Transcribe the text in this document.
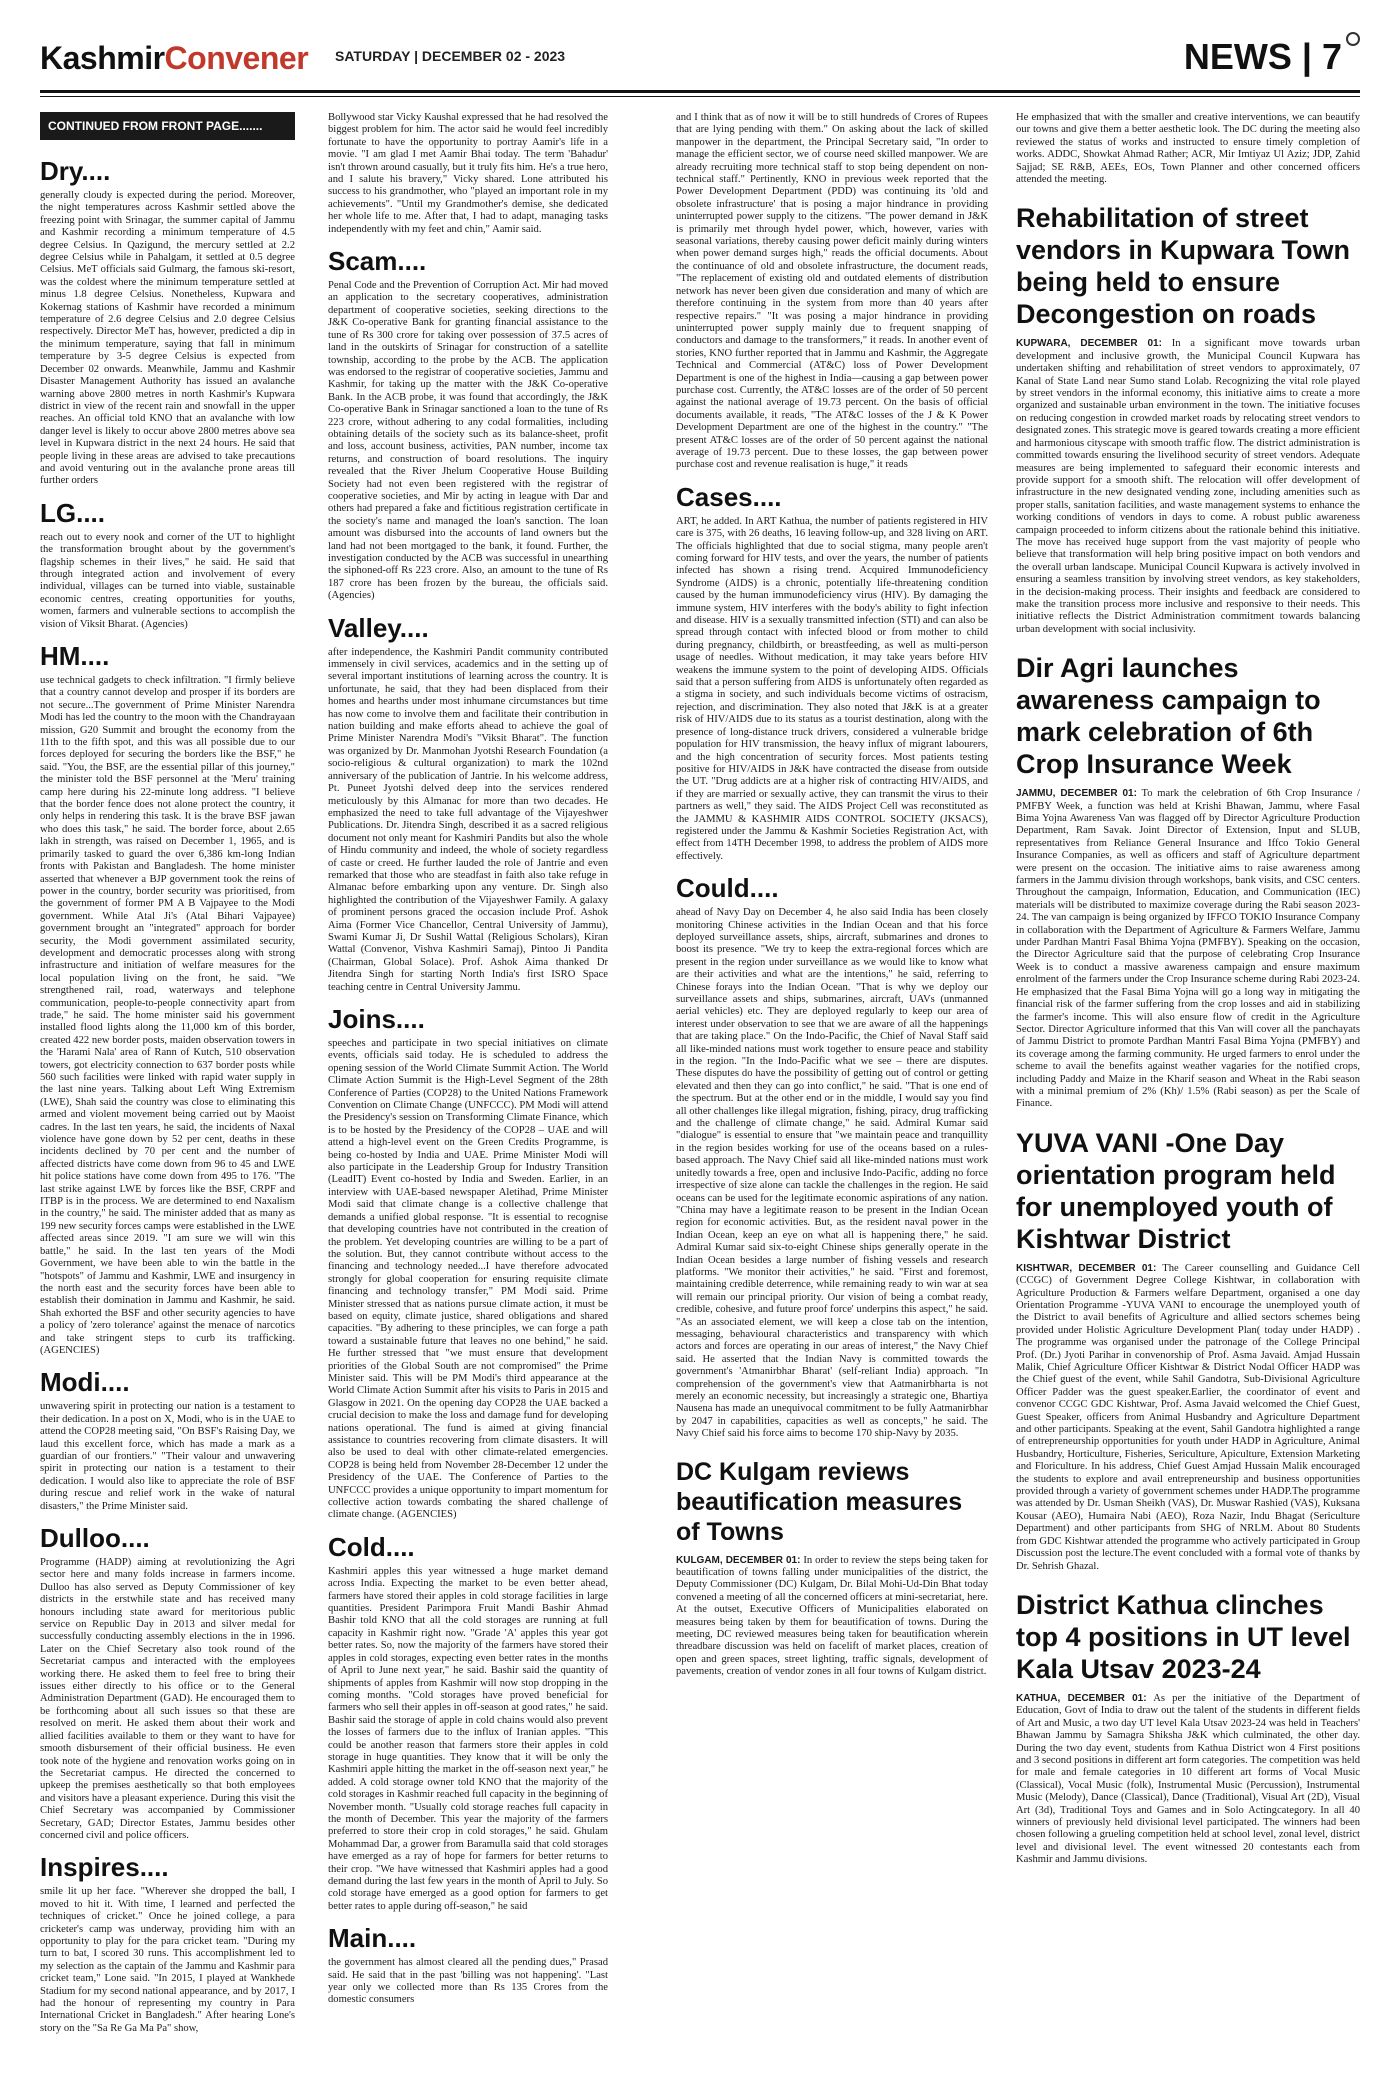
KashmirConvener SATURDAY | DECEMBER 02 - 2023	NEWS | 7
CONTINUED FROM FRONT PAGE.......
Dry....
generally cloudy is expected during the period. Moreover, the night temperatures across Kashmir settled above the freezing point with Srinagar, the summer capital of Jammu and Kashmir recording a minimum temperature of 4.5 degree Celsius. In Qazigund, the mercury settled at 2.2 degree Celsius while in Pahalgam, it settled at 0.5 degree Celsius. MeT officials said Gulmarg, the famous ski-resort, was the coldest where the minimum temperature settled at minus 1.8 degree Celsius. Nonetheless, Kupwara and Kokernag stations of Kashmir have recorded a minimum temperature of 2.6 degree Celsius and 2.0 degree Celsius respectively. Director MeT has, however, predicted a dip in the minimum temperature, saying that fall in minimum temperature by 3-5 degree Celsius is expected from December 02 onwards. Meanwhile, Jammu and Kashmir Disaster Management Authority has issued an avalanche warning above 2800 metres in north Kashmir's Kupwara district in view of the recent rain and snowfall in the upper reaches. An official told KNO that an avalanche with low danger level is likely to occur above 2800 metres above sea level in Kupwara district in the next 24 hours. He said that people living in these areas are advised to take precautions and avoid venturing out in the avalanche prone areas till further orders
LG....
reach out to every nook and corner of the UT to highlight the transformation brought about by the government's flagship schemes in their lives," he said. He said that through integrated action and involvement of every individual, villages can be turned into viable, sustainable economic centres, creating opportunities for youths, women, farmers and vulnerable sections to accomplish the vision of Viksit Bharat. (Agencies)
HM....
use technical gadgets to check infiltration. "I firmly believe that a country cannot develop and prosper if its borders are not secure...The government of Prime Minister Narendra Modi has led the country to the moon with the Chandrayaan mission, G20 Summit and brought the economy from the 11th to the fifth spot, and this was all possible due to our forces deployed for securing the borders like the BSF," he said. "You, the BSF, are the essential pillar of this journey," the minister told the BSF personnel at the 'Meru' training camp here during his 22-minute long address. "I believe that the border fence does not alone protect the country, it only helps in rendering this task. It is the brave BSF jawan who does this task," he said. The border force, about 2.65 lakh in strength, was raised on December 1, 1965, and is primarily tasked to guard the over 6,386 km-long Indian fronts with Pakistan and Bangladesh. The home minister asserted that whenever a BJP government took the reins of power in the country, border security was prioritised, from the government of former PM A B Vajpayee to the Modi government. While Atal Ji's (Atal Bihari Vajpayee) government brought an "integrated" approach for border security, the Modi government assimilated security, development and democratic processes along with strong infrastructure and initiation of welfare measures for the local population living on the front, he said. "We strengthened rail, road, waterways and telephone communication, people-to-people connectivity apart from trade," he said. The home minister said his government installed flood lights along the 11,000 km of this border, created 422 new border posts, maiden observation towers in the 'Harami Nala' area of Rann of Kutch, 510 observation towers, got electricity connection to 637 border posts while 560 such facilities were linked with rapid water supply in the last nine years. Talking about Left Wing Extremism (LWE), Shah said the country was close to eliminating this armed and violent movement being carried out by Maoist cadres. In the last ten years, he said, the incidents of Naxal violence have gone down by 52 per cent, deaths in these incidents declined by 70 per cent and the number of affected districts have come down from 96 to 45 and LWE hit police stations have come down from 495 to 176. "The last strike against LWE by forces like the BSF, CRPF and ITBP is in the process. We are determined to end Naxalism in the country," he said. The minister added that as many as 199 new security forces camps were established in the LWE affected areas since 2019. "I am sure we will win this battle," he said. In the last ten years of the Modi Government, we have been able to win the battle in the "hotspots" of Jammu and Kashmir, LWE and insurgency in the north east and the security forces have been able to establish their domination in Jammu and Kashmir, he said. Shah exhorted the BSF and other security agencies to have a policy of 'zero tolerance' against the menace of narcotics and take stringent steps to curb its trafficking. (AGENCIES)
Modi....
unwavering spirit in protecting our nation is a testament to their dedication. In a post on X, Modi, who is in the UAE to attend the COP28 meeting said, "On BSF's Raising Day, we laud this excellent force, which has made a mark as a guardian of our frontiers." "Their valour and unwavering spirit in protecting our nation is a testament to their dedication. I would also like to appreciate the role of BSF during rescue and relief work in the wake of natural disasters," the Prime Minister said.
Dulloo....
Programme (HADP) aiming at revolutionizing the Agri sector here and many folds increase in farmers income. Dulloo has also served as Deputy Commissioner of key districts in the erstwhile state and has received many honours including state award for meritorious public service on Republic Day in 2013 and silver medal for successfully conducting assembly elections in the in 1996. Later on the Chief Secretary also took round of the Secretariat campus and interacted with the employees working there. He asked them to feel free to bring their issues either directly to his office or to the General Administration Department (GAD). He encouraged them to be forthcoming about all such issues so that these are resolved on merit. He asked them about their work and allied facilities available to them or they want to have for smooth disbursement of their official business. He even took note of the hygiene and renovation works going on in the Secretariat campus. He directed the concerned to upkeep the premises aesthetically so that both employees and visitors have a pleasant experience. During this visit the Chief Secretary was accompanied by Commissioner Secretary, GAD; Director Estates, Jammu besides other concerned civil and police officers.
Inspires....
smile lit up her face. "Wherever she dropped the ball, I moved to hit it. With time, I learned and perfected the techniques of cricket." Once he joined college, a para cricketer's camp was underway, providing him with an opportunity to play for the para cricket team. "During my turn to bat, I scored 30 runs. This accomplishment led to my selection as the captain of the Jammu and Kashmir para cricket team," Lone said. "In 2015, I played at Wankhede Stadium for my second national appearance, and by 2017, I had the honour of representing my country in Para International Cricket in Bangladesh." After hearing Lone's story on the "Sa Re Ga Ma Pa" show,
Bollywood star Vicky Kaushal expressed that he had resolved the biggest problem for him. The actor said he would feel incredibly fortunate to have the opportunity to portray Aamir's life in a movie. "I am glad I met Aamir Bhai today. The term 'Bahadur' isn't thrown around casually, but it truly fits him. He's a true hero, and I salute his bravery," Vicky shared. Lone attributed his success to his grandmother, who "played an important role in my achievements". "Until my Grandmother's demise, she dedicated her whole life to me. After that, I had to adapt, managing tasks independently with my feet and chin," Aamir said.
Scam....
Penal Code and the Prevention of Corruption Act. Mir had moved an application to the secretary cooperatives, administration department of cooperative societies, seeking directions to the J&K Co-operative Bank for granting financial assistance to the tune of Rs 300 crore for taking over possession of 37.5 acres of land in the outskirts of Srinagar for construction of a satellite township, according to the probe by the ACB. The application was endorsed to the registrar of cooperative societies, Jammu and Kashmir, for taking up the matter with the J&K Co-operative Bank. In the ACB probe, it was found that accordingly, the J&K Co-operative Bank in Srinagar sanctioned a loan to the tune of Rs 223 crore, without adhering to any codal formalities, including obtaining details of the society such as its balance-sheet, profit and loss, account business, activities, PAN number, income tax returns, and construction of board resolutions. The inquiry revealed that the River Jhelum Cooperative House Building Society had not even been registered with the registrar of cooperative societies, and Mir by acting in league with Dar and others had prepared a fake and fictitious registration certificate in the society's name and managed the loan's sanction. The loan amount was disbursed into the accounts of land owners but the land had not been mortgaged to the bank, it found. Further, the investigation conducted by the ACB was successful in unearthing the siphoned-off Rs 223 crore. Also, an amount to the tune of Rs 187 crore has been frozen by the bureau, the officials said. (Agencies)
Valley....
after independence, the Kashmiri Pandit community contributed immensely in civil services, academics and in the setting up of several important institutions of learning across the country. It is unfortunate, he said, that they had been displaced from their homes and hearths under most inhumane circumstances but time has now come to involve them and facilitate their contribution in nation building and make efforts ahead to achieve the goal of Prime Minister Narendra Modi's "Viksit Bharat". The function was organized by Dr. Manmohan Jyotshi Research Foundation (a socio-religious & cultural organization) to mark the 102nd anniversary of the publication of Jantrie. In his welcome address, Pt. Puneet Jyotshi delved deep into the services rendered meticulously by this Almanac for more than two decades. He emphasized the need to take full advantage of the Vijayeshwer Publications. Dr. Jitendra Singh, described it as a sacred religious document not only meant for Kashmiri Pandits but also the whole of Hindu community and indeed, the whole of society regardless of caste or creed. He further lauded the role of Jantrie and even remarked that those who are steadfast in faith also take refuge in Almanac before embarking upon any venture. Dr. Singh also highlighted the contribution of the Vijayeshwer Family. A galaxy of prominent persons graced the occasion include Prof. Ashok Aima (Former Vice Chancellor, Central University of Jammu), Swami Kumar Ji, Dr Sushil Wattal (Religious Scholars), Kiran Wattal (Convenor, Vishva Kashmiri Samaj), Pintoo Ji Pandita (Chairman, Global Solace). Prof. Ashok Aima thanked Dr Jitendra Singh for starting North India's first ISRO Space teaching centre in Central University Jammu.
Joins....
speeches and participate in two special initiatives on climate events, officials said today. He is scheduled to address the opening session of the World Climate Summit Action. The World Climate Action Summit is the High-Level Segment of the 28th Conference of Parties (COP28) to the United Nations Framework Convention on Climate Change (UNFCCC). PM Modi will attend the Presidency's session on Transforming Climate Finance, which is to be hosted by the Presidency of the COP28 – UAE and will attend a high-level event on the Green Credits Programme, is being co-hosted by India and UAE. Prime Minister Modi will also participate in the Leadership Group for Industry Transition (LeadIT) Event co-hosted by India and Sweden. Earlier, in an interview with UAE-based newspaper Aletihad, Prime Minister Modi said that climate change is a collective challenge that demands a unified global response. "It is essential to recognise that developing countries have not contributed in the creation of the problem. Yet developing countries are willing to be a part of the solution. But, they cannot contribute without access to the financing and technology needed...I have therefore advocated strongly for global cooperation for ensuring requisite climate financing and technology transfer," PM Modi said. Prime Minister stressed that as nations pursue climate action, it must be based on equity, climate justice, shared obligations and shared capacities. "By adhering to these principles, we can forge a path toward a sustainable future that leaves no one behind," he said. He further stressed that "we must ensure that development priorities of the Global South are not compromised" the Prime Minister said. This will be PM Modi's third appearance at the World Climate Action Summit after his visits to Paris in 2015 and Glasgow in 2021. On the opening day COP28 the UAE backed a crucial decision to make the loss and damage fund for developing nations operational. The fund is aimed at giving financial assistance to countries recovering from climate disasters. It will also be used to deal with other climate-related emergencies. COP28 is being held from November 28-December 12 under the Presidency of the UAE. The Conference of Parties to the UNFCCC provides a unique opportunity to impart momentum for collective action towards combating the shared challenge of climate change. (AGENCIES)
Cold....
Kashmiri apples this year witnessed a huge market demand across India. Expecting the market to be even better ahead, farmers have stored their apples in cold storage facilities in large quantities. President Parimpora Fruit Mandi Bashir Ahmad Bashir told KNO that all the cold storages are running at full capacity in Kashmir right now. "Grade 'A' apples this year got better rates. So, now the majority of the farmers have stored their apples in cold storages, expecting even better rates in the months of April to June next year," he said. Bashir said the quantity of shipments of apples from Kashmir will now stop dropping in the coming months. "Cold storages have proved beneficial for farmers who sell their apples in off-season at good rates," he said. Bashir said the storage of apple in cold chains would also prevent the losses of farmers due to the influx of Iranian apples. "This could be another reason that farmers store their apples in cold storage in huge quantities. They know that it will be only the Kashmiri apple hitting the market in the off-season next year," he added. A cold storage owner told KNO that the majority of the cold storages in Kashmir reached full capacity in the beginning of November month. "Usually cold storage reaches full capacity in the month of December. This year the majority of the farmers preferred to store their crop in cold storages," he said. Ghulam Mohammad Dar, a grower from Baramulla said that cold storages have emerged as a ray of hope for farmers for better returns to their crop. "We have witnessed that Kashmiri apples had a good demand during the last few years in the month of April to July. So cold storage have emerged as a good option for farmers to get better rates to apple during off-season," he said
Main....
the government has almost cleared all the pending dues," Prasad said. He said that in the past 'billing was not happening'. "Last year only we collected more than Rs 135 Crores from the domestic consumers
and I think that as of now it will be to still hundreds of Crores of Rupees that are lying pending with them." On asking about the lack of skilled manpower in the department, the Principal Secretary said, "In order to manage the efficient sector, we of course need skilled manpower. We are already recruiting more technical staff to stop being dependent on non-technical staff." Pertinently, KNO in previous week reported that the Power Development Department (PDD) was continuing its 'old and obsolete infrastructure' that is posing a major hindrance in providing uninterrupted power supply to the citizens. "The power demand in J&K is primarily met through hydel power, which, however, varies with seasonal variations, thereby causing power deficit mainly during winters when power demand surges high," reads the official documents. About the continuance of old and obsolete infrastructure, the document reads, "The replacement of existing old and outdated elements of distribution network has never been given due consideration and many of which are therefore continuing in the system from more than 40 years after respective repairs." "It was posing a major hindrance in providing uninterrupted power supply mainly due to frequent snapping of conductors and damage to the transformers," it reads. In another event of stories, KNO further reported that in Jammu and Kashmir, the Aggregate Technical and Commercial (AT&C) loss of Power Development Department is one of the highest in India—causing a gap between power purchase cost. Currently, the AT&C losses are of the order of 50 percent against the national average of 19.73 percent. On the basis of official documents available, it reads, "The AT&C losses of the J & K Power Development Department are one of the highest in the country." "The present AT&C losses are of the order of 50 percent against the national average of 19.73 percent. Due to these losses, the gap between power purchase cost and revenue realisation is huge," it reads
Cases....
ART, he added. In ART Kathua, the number of patients registered in HIV care is 375, with 26 deaths, 16 leaving follow-up, and 328 living on ART. The officials highlighted that due to social stigma, many people aren't coming forward for HIV tests, and over the years, the number of patients infected has shown a rising trend. Acquired Immunodeficiency Syndrome (AIDS) is a chronic, potentially life-threatening condition caused by the human immunodeficiency virus (HIV). By damaging the immune system, HIV interferes with the body's ability to fight infection and disease. HIV is a sexually transmitted infection (STI) and can also be spread through contact with infected blood or from mother to child during pregnancy, childbirth, or breastfeeding, as well as multi-person usage of needles. Without medication, it may take years before HIV weakens the immune system to the point of developing AIDS. Officials said that a person suffering from AIDS is unfortunately often regarded as a stigma in society, and such individuals become victims of ostracism, rejection, and discrimination. They also noted that J&K is at a greater risk of HIV/AIDS due to its status as a tourist destination, along with the presence of long-distance truck drivers, considered a vulnerable bridge population for HIV transmission, the heavy influx of migrant labourers, and the high concentration of security forces. Most patients testing positive for HIV/AIDS in J&K have contracted the disease from outside the UT. "Drug addicts are at a higher risk of contracting HIV/AIDS, and if they are married or sexually active, they can transmit the virus to their partners as well," they said. The AIDS Project Cell was reconstituted as the JAMMU & KASHMIR AIDS CONTROL SOCIETY (JKSACS), registered under the Jammu & Kashmir Societies Registration Act, with effect from 14TH December 1998, to address the problem of AIDS more effectively.
Could....
ahead of Navy Day on December 4, he also said India has been closely monitoring Chinese activities in the Indian Ocean and that his force deployed surveillance assets, ships, aircraft, submarines and drones to boost its presence. "We try to keep the extra-regional forces which are present in the region under surveillance as we would like to know what are their activities and what are the intentions," he said, referring to Chinese forays into the Indian Ocean. "That is why we deploy our surveillance assets and ships, submarines, aircraft, UAVs (unmanned aerial vehicles) etc. They are deployed regularly to keep our area of interest under observation to see that we are aware of all the happenings that are taking place." On the Indo-Pacific, the Chief of Naval Staff said all like-minded nations must work together to ensure peace and stability in the region. "In the Indo-Pacific what we see – there are disputes. These disputes do have the possibility of getting out of control or getting elevated and then they can go into conflict," he said. "That is one end of the spectrum. But at the other end or in the middle, I would say you find all other challenges like illegal migration, fishing, piracy, drug trafficking and the challenge of climate change," he said. Admiral Kumar said "dialogue" is essential to ensure that "we maintain peace and tranquillity in the region besides working for use of the oceans based on a rules-based approach. The Navy Chief said all like-minded nations must work unitedly towards a free, open and inclusive Indo-Pacific, adding no force irrespective of size alone can tackle the challenges in the region. He said oceans can be used for the legitimate economic aspirations of any nation. "China may have a legitimate reason to be present in the Indian Ocean region for economic activities. But, as the resident naval power in the Indian Ocean, keep an eye on what all is happening there," he said. Admiral Kumar said six-to-eight Chinese ships generally operate in the Indian Ocean besides a large number of fishing vessels and research platforms. "We monitor their activities," he said. "First and foremost, maintaining credible deterrence, while remaining ready to win war at sea will remain our principal priority. Our vision of being a combat ready, credible, cohesive, and future proof force' underpins this aspect," he said. "As an associated element, we will keep a close tab on the intention, messaging, behavioural characteristics and transparency with which actors and forces are operating in our areas of interest," the Navy Chief said. He asserted that the Indian Navy is committed towards the government's 'Atmanirbhar Bharat' (self-reliant India) approach. "In comprehension of the government's view that Aatmanirbharta is not merely an economic necessity, but increasingly a strategic one, Bhartiya Nausena has made an unequivocal commitment to be fully Aatmanirbhar by 2047 in capabilities, capacities as well as concepts," he said. The Navy Chief said his force aims to become 170 ship-Navy by 2035.
DC Kulgam reviews beautification measures of Towns
KULGAM, DECEMBER 01: In order to review the steps being taken for beautification of towns falling under municipalities of the district, the Deputy Commissioner (DC) Kulgam, Dr. Bilal Mohi-Ud-Din Bhat today convened a meeting of all the concerned officers at mini-secretariat, here. At the outset, Executive Officers of Municipalities elaborated on measures being taken by them for beautification of towns. During the meeting, DC reviewed measures being taken for beautification wherein threadbare discussion was held on facelift of market places, creation of open and green spaces, street lighting, traffic signals, development of pavements, creation of vendor zones in all four towns of Kulgam district.
He emphasized that with the smaller and creative interventions, we can beautify our towns and give them a better aesthetic look. The DC during the meeting also reviewed the status of works and instructed to ensure timely completion of works. ADDC, Showkat Ahmad Rather; ACR, Mir Imtiyaz Ul Aziz; JDP, Zahid Sajjad; SE R&B, AEEs, EOs, Town Planner and other concerned officers attended the meeting.
Rehabilitation of street vendors in Kupwara Town being held to ensure Decongestion on roads
KUPWARA, DECEMBER 01: In a significant move towards urban development and inclusive growth, the Municipal Council Kupwara has undertaken shifting and rehabilitation of street vendors to approximately, 07 Kanal of State Land near Sumo stand Lolab. Recognizing the vital role played by street vendors in the informal economy, this initiative aims to create a more organized and sustainable urban environment in the town. The initiative focuses on reducing congestion in crowded market roads by relocating street vendors to designated zones. This strategic move is geared towards creating a more efficient and harmonious cityscape with smooth traffic flow. The district administration is committed towards ensuring the livelihood security of street vendors. Adequate measures are being implemented to safeguard their economic interests and provide support for a smooth shift. The relocation will offer development of infrastructure in the new designated vending zone, including amenities such as proper stalls, sanitation facilities, and waste management systems to enhance the working conditions of vendors in days to come. A robust public awareness campaign proceeded to inform citizens about the rationale behind this initiative. The move has received huge support from the vast majority of people who believe that transformation will help bring positive impact on both vendors and the overall urban landscape. Municipal Council Kupwara is actively involved in ensuring a seamless transition by involving street vendors, as key stakeholders, in the decision-making process. Their insights and feedback are considered to make the transition process more inclusive and responsive to their needs. This initiative reflects the District Administration commitment towards balancing urban development with social inclusivity.
Dir Agri launches awareness campaign to mark celebration of 6th Crop Insurance Week
JAMMU, DECEMBER 01: To mark the celebration of 6th Crop Insurance / PMFBY Week, a function was held at Krishi Bhawan, Jammu, where Fasal Bima Yojna Awareness Van was flagged off by Director Agriculture Production Department, Ram Savak. Joint Director of Extension, Input and SLUB, representatives from Reliance General Insurance and Iffco Tokio General Insurance Companies, as well as officers and staff of Agriculture department were present on the occasion. The initiative aims to raise awareness among farmers in the Jammu division through workshops, bank visits, and CSC centers. Throughout the campaign, Information, Education, and Communication (IEC) materials will be distributed to maximize coverage during the Rabi season 2023-24. The van campaign is being organized by IFFCO TOKIO Insurance Company in collaboration with the Department of Agriculture & Farmers Welfare, Jammu under Pardhan Mantri Fasal Bhima Yojna (PMFBY). Speaking on the occasion, the Director Agriculture said that the purpose of celebrating Crop Insurance Week is to conduct a massive awareness campaign and ensure maximum enrolment of the farmers under the Crop Insurance scheme during Rabi 2023-24. He emphasized that the Fasal Bima Yojna will go a long way in mitigating the financial risk of the farmer suffering from the crop losses and aid in stabilizing the farmer's income. This will also ensure flow of credit in the Agriculture Sector. Director Agriculture informed that this Van will cover all the panchayats of Jammu District to promote Pardhan Mantri Fasal Bima Yojna (PMFBY) and its coverage among the farming community. He urged farmers to enrol under the scheme to avail the benefits against weather vagaries for the notified crops, including Paddy and Maize in the Kharif season and Wheat in the Rabi season with a minimal premium of 2% (Kh)/ 1.5% (Rabi season) as per the Scale of Finance.
YUVA VANI -One Day orientation program held for unemployed youth of Kishtwar District
KISHTWAR, DECEMBER 01: The Career counselling and Guidance Cell (CCGC) of Government Degree College Kishtwar, in collaboration with Agriculture Production & Farmers welfare Department, organised a one day Orientation Programme -YUVA VANI to encourage the unemployed youth of the District to avail benefits of Agriculture and allied sectors schemes being provided under Holistic Agriculture Development Plan( today under HADP) . The programme was organised under the patronage of the College Principal Prof. (Dr.) Jyoti Parihar in convenorship of Prof. Asma Javaid. Amjad Hussain Malik, Chief Agriculture Officer Kishtwar & District Nodal Officer HADP was the Chief guest of the event, while Sahil Gandotra, Sub-Divisional Agriculture Officer Padder was the guest speaker.Earlier, the coordinator of event and convenor CCGC GDC Kishtwar, Prof. Asma Javaid welcomed the Chief Guest, Guest Speaker, officers from Animal Husbandry and Agriculture Department and other participants. Speaking at the event, Sahil Gandotra highlighted a range of entrepreneurship opportunities for youth under HADP in Agriculture, Animal Husbandry, Horticulture, Fisheries, Sericulture, Apiculture, Extension Marketing and Floriculture. In his address, Chief Guest Amjad Hussain Malik encouraged the students to explore and avail entrepreneurship and business opportunities provided through a variety of government schemes under HADP.The programme was attended by Dr. Usman Sheikh (VAS), Dr. Muswar Rashied (VAS), Kuksana Kousar (AEO), Humaira Nabi (AEO), Roza Nazir, Indu Bhagat (Sericulture Department) and other participants from SHG of NRLM. About 80 Students from GDC Kishtwar attended the programme who actively participated in Group Discussion post the lecture.The event concluded with a formal vote of thanks by Dr. Sehrish Ghazal.
District Kathua clinches top 4 positions in UT level Kala Utsav 2023-24
KATHUA, DECEMBER 01: As per the initiative of the Department of Education, Govt of India to draw out the talent of the students in different fields of Art and Music, a two day UT level Kala Utsav 2023-24 was held in Teachers' Bhawan Jammu by Samagra Shiksha J&K which culminated, the other day. During the two day event, students from Kathua District won 4 First positions and 3 second positions in different art form categories. The competition was held for male and female categories in 10 different art forms of Vocal Music (Classical), Vocal Music (folk), Instrumental Music (Percussion), Instrumental Music (Melody), Dance (Classical), Dance (Traditional), Visual Art (2D), Visual Art (3d), Traditional Toys and Games and in Solo Actingcategory. In all 40 winners of previously held divisional level participated. The winners had been chosen following a grueling competition held at school level, zonal level, district level and divisional level. The event witnessed 20 contestants each from Kashmir and Jammu divisions.
